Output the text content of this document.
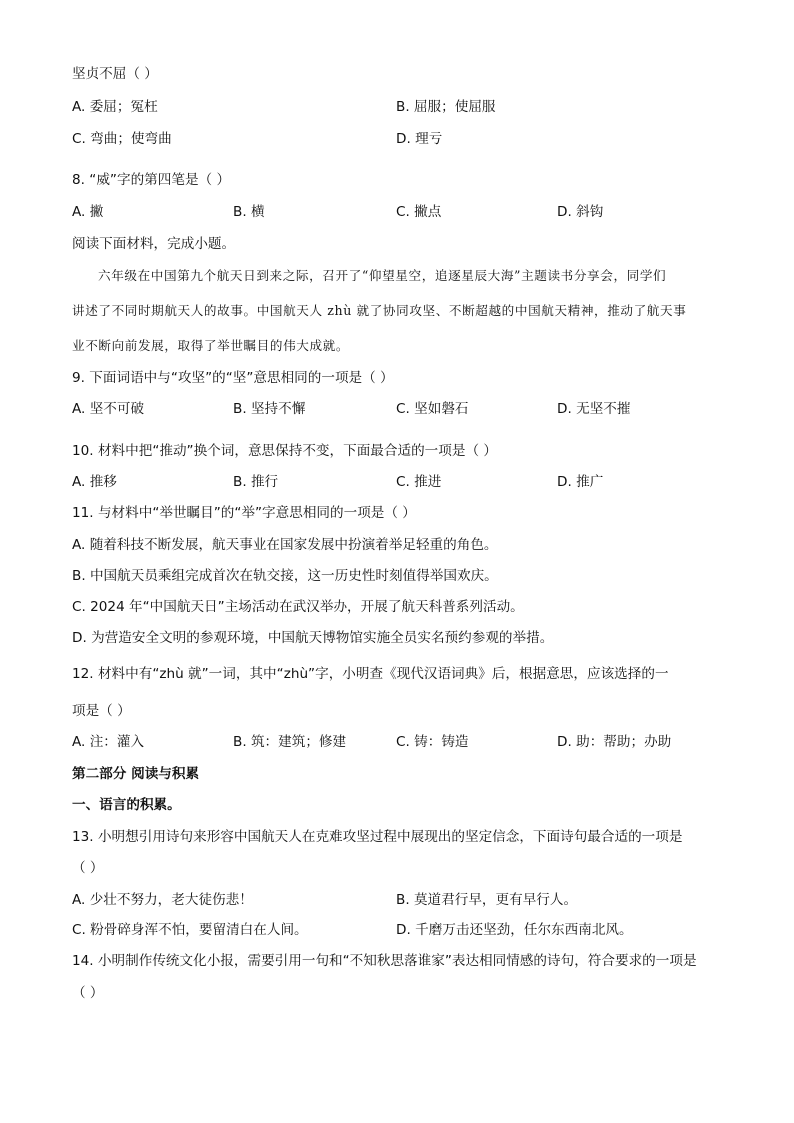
坚贞不屈（ ）
A. 委屈；冤枉	B. 屈服；使屈服
C. 弯曲；使弯曲	D. 理亏
8. “威”字的第四笔是（ ）
A. 撇	B. 横	C. 撇点	D. 斜钩
阅读下面材料，完成小题。
六年级在中国第九个航天日到来之际，召开了“仰望星空，追逐星辰大海”主题读书分享会，同学们
讲述了不同时期航天人的故事。中国航天人 zhù 就了协同攻坚、不断超越的中国航天精神，推动了航天事
业不断向前发展，取得了举世瞩目的伟大成就。
9. 下面词语中与“攻坚”的“坚”意思相同的一项是（ ）
A. 坚不可破	B. 坚持不懈	C. 坚如磐石	D. 无坚不摧
10. 材料中把“推动”换个词，意思保持不变，下面最合适的一项是（ ）
A. 推移	B. 推行	C. 推进	D. 推广
11. 与材料中“举世瞩目”的“举”字意思相同的一项是（ ）
A. 随着科技不断发展，航天事业在国家发展中扮演着举足轻重的角色。
B. 中国航天员乘组完成首次在轨交接，这一历史性时刻值得举国欢庆。
C. 2024 年“中国航天日”主场活动在武汉举办，开展了航天科普系列活动。
D. 为营造安全文明的参观环境，中国航天博物馆实施全员实名预约参观的举措。
12. 材料中有“zhù 就”一词，其中“zhù”字，小明查《现代汉语词典》后，根据意思，应该选择的一
项是（ ）
A. 注：灌入	B. 筑：建筑；修建	C. 铸：铸造	D. 助：帮助；办助
第二部分 阅读与积累
一、语言的积累。
13. 小明想引用诗句来形容中国航天人在克难攻坚过程中展现出的坚定信念，下面诗句最合适的一项是
（ ）
A. 少壮不努力，老大徒伤悲！	B. 莫道君行早，更有早行人。
C. 粉骨碎身浑不怕，要留清白在人间。	D. 千磨万击还坚劲，任尔东西南北风。
14. 小明制作传统文化小报，需要引用一句和“不知秋思落谁家”表达相同情感的诗句，符合要求的一项是
（ ）
